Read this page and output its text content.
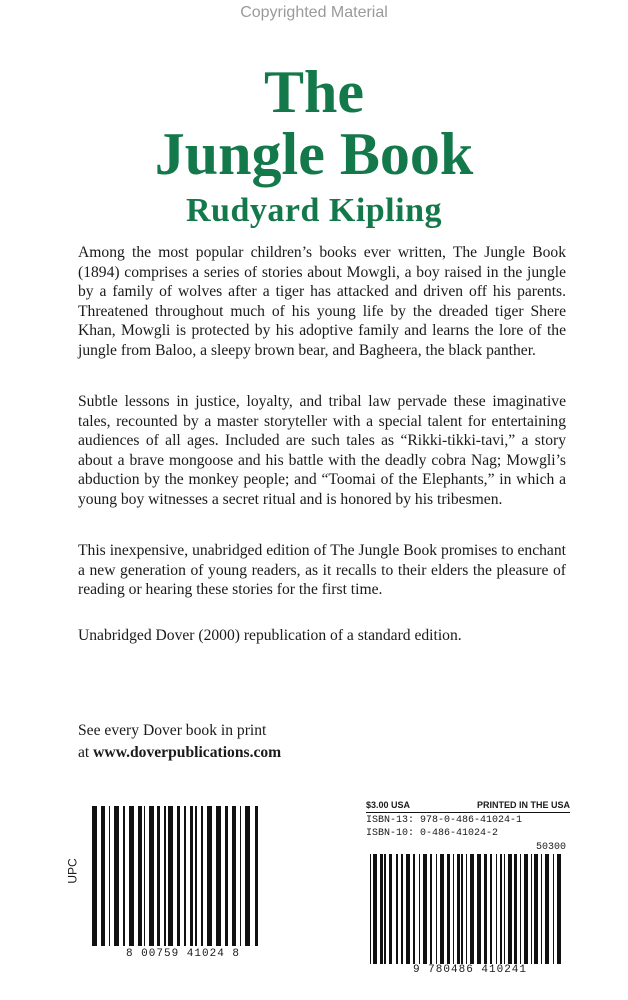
Copyrighted Material
The
Jungle Book
Rudyard Kipling

Among the most popular children’s books ever written, The Jungle Book (1894) comprises a series of stories about Mowgli, a boy raised in the jungle by a family of wolves after a tiger has attacked and driven off his parents. Threatened throughout much of his young life by the dreaded tiger Shere Khan, Mowgli is protected by his adoptive family and learns the lore of the jungle from Baloo, a sleepy brown bear, and Bagheera, the black panther.

Subtle lessons in justice, loyalty, and tribal law pervade these imaginative tales, recounted by a master storyteller with a special talent for entertaining audiences of all ages. Included are such tales as “Rikki-tikki-tavi,” a story about a brave mongoose and his battle with the deadly cobra Nag; Mowgli’s abduction by the monkey people; and “Toomai of the Elephants,” in which a young boy witnesses a secret ritual and is honored by his tribesmen.

This inexpensive, unabridged edition of The Jungle Book promises to enchant a new generation of young readers, as it recalls to their elders the pleasure of reading or hearing these stories for the first time.

Unabridged Dover (2000) republication of a standard edition.

See every Dover book in print
at www.doverpublications.com
UPC
8 00759 41024 8
$3.00 USA	PRINTED IN THE USA
ISBN-13: 978-0-486-41024-1
ISBN-10: 0-486-41024-2
50300
9 780486 410241
